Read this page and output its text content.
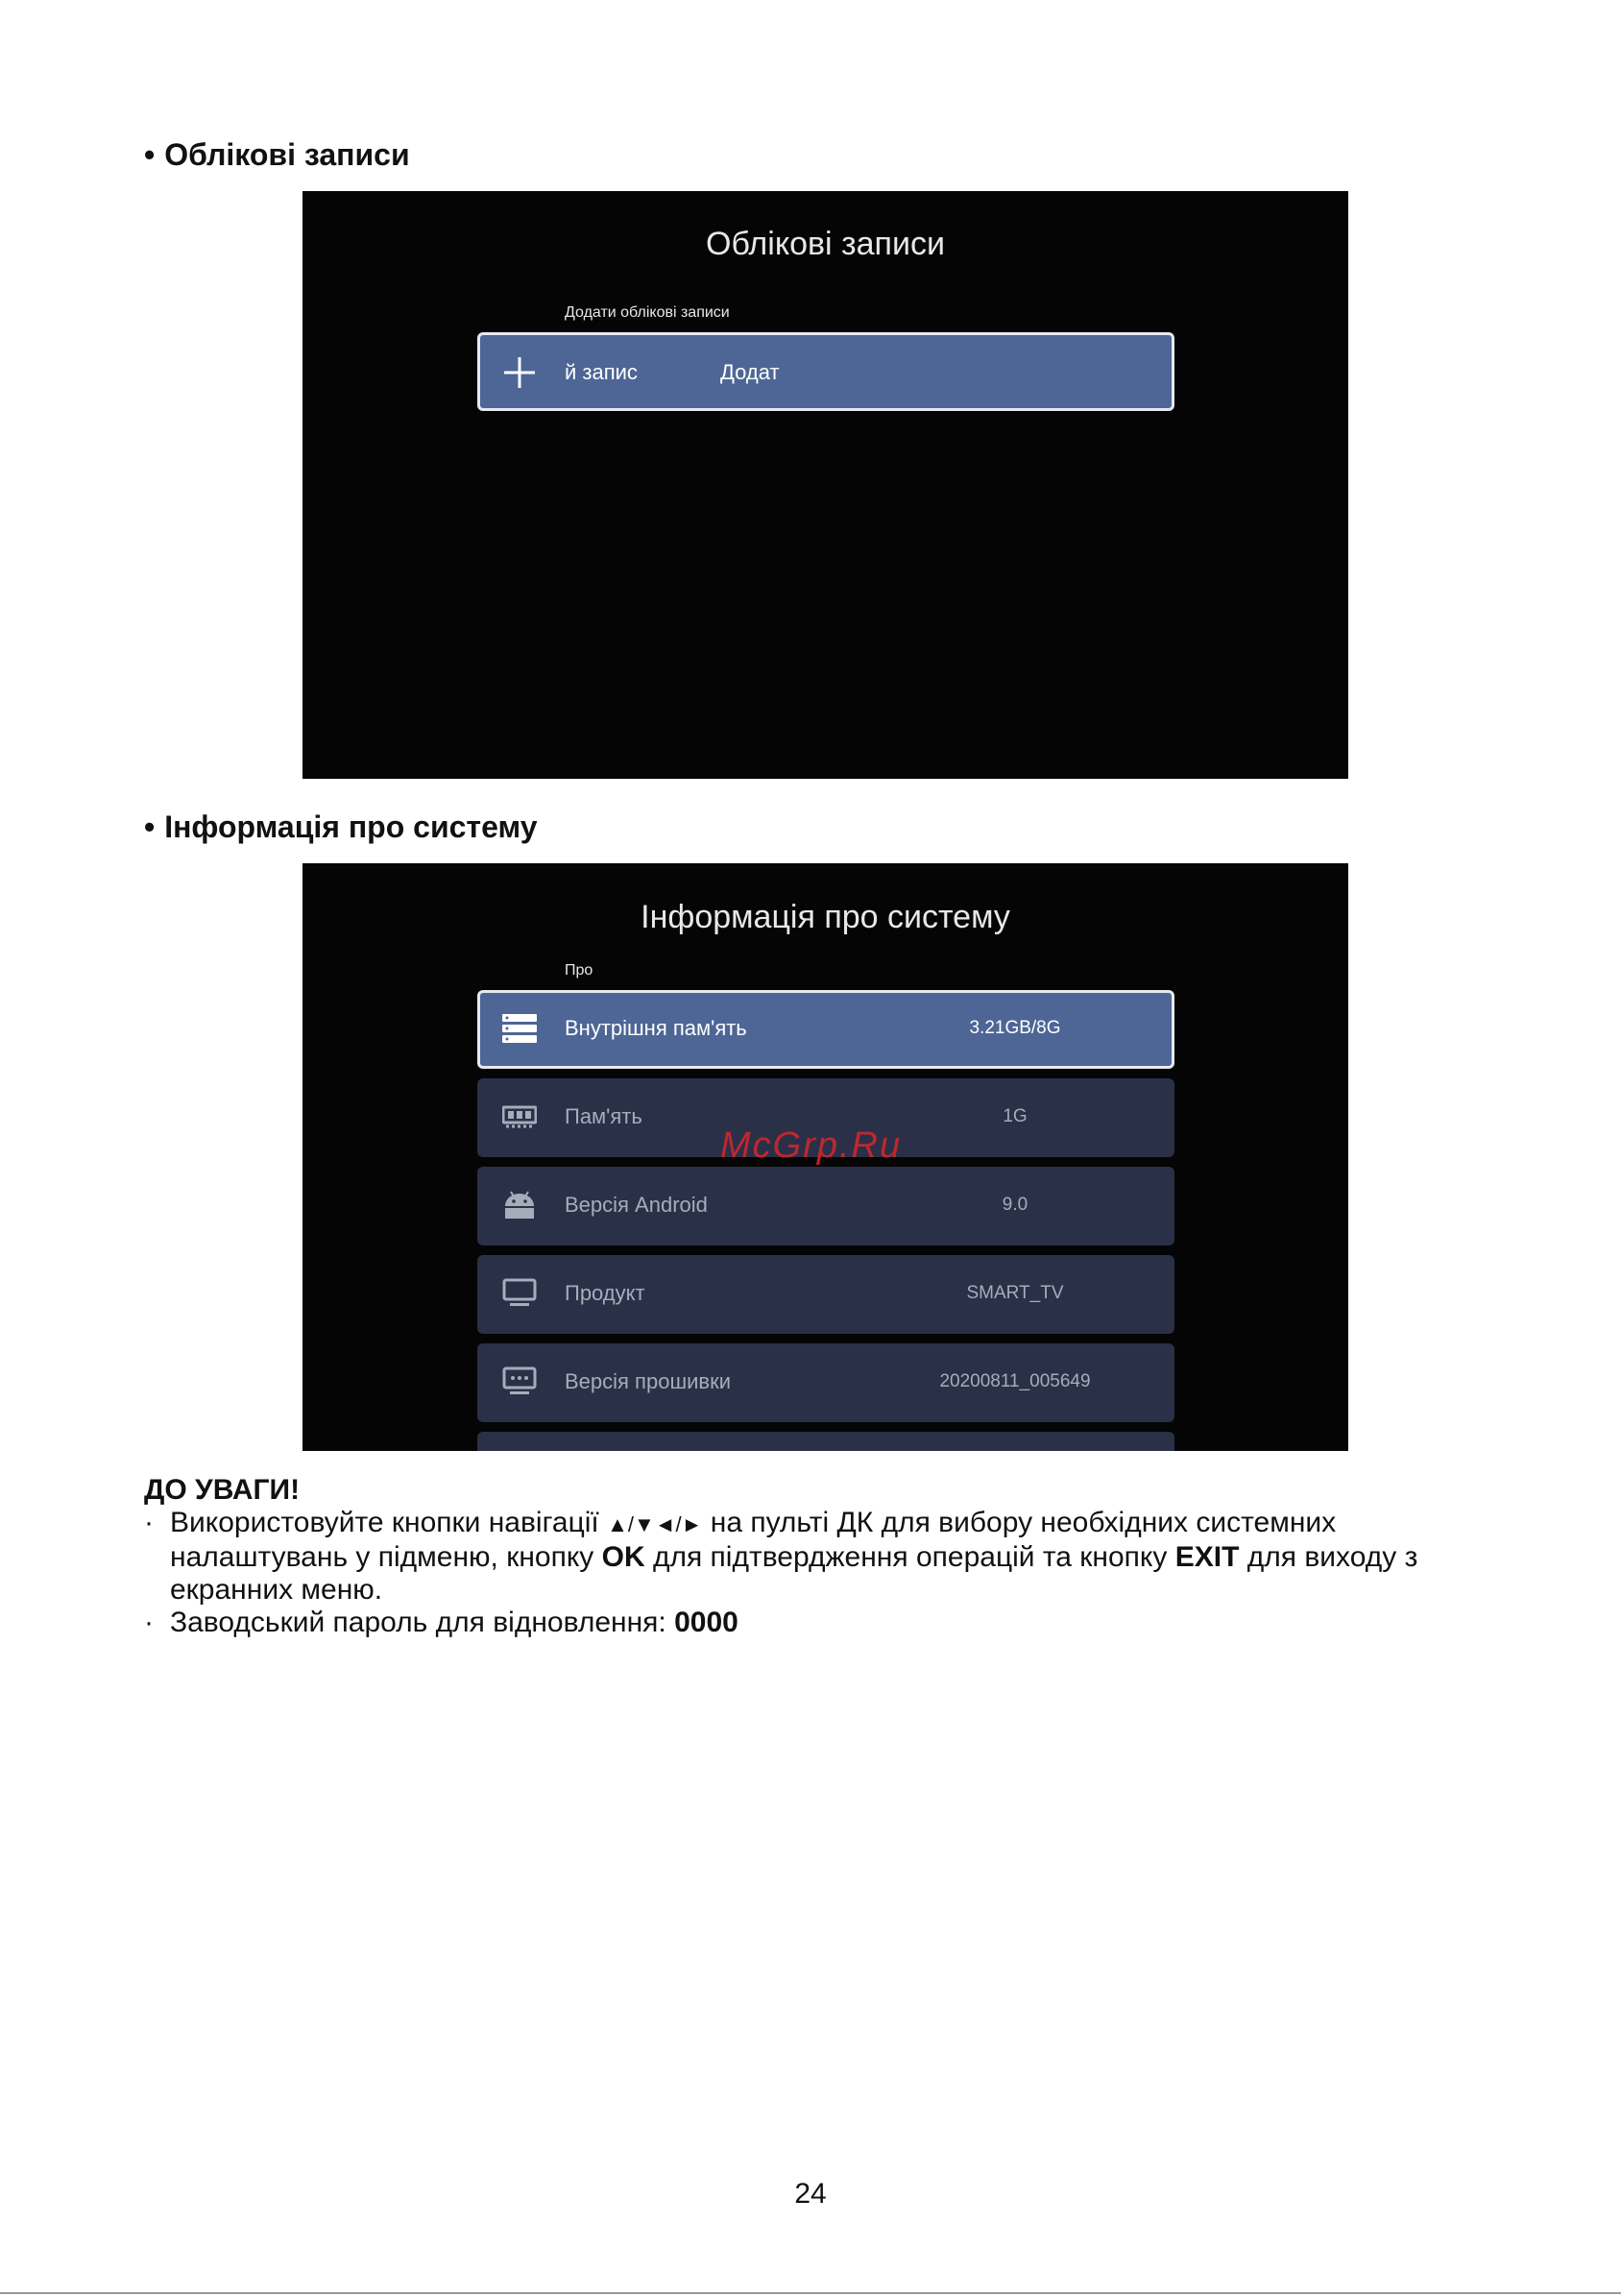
• Облікові записи
Облікові записи
Додати облікові записи
й запис	Додат
• Інформація про систему
Інформація про систему
Про
Внутрішня пам'ять	3.21GB/8G
Пам'ять	1G
Версія Android	9.0
Продукт	SMART_TV
Версія прошивки	20200811_005649
McGrp.Ru
ДО УВАГИ!
· Використовуйте кнопки навігації ▲/▼◄/► на пульті ДК для вибору необхідних системних налаштувань у підменю, кнопку OK для підтвердження операцій та кнопку EXIT для виходу з екранних меню.
· Заводський пароль для відновлення: 0000
24
